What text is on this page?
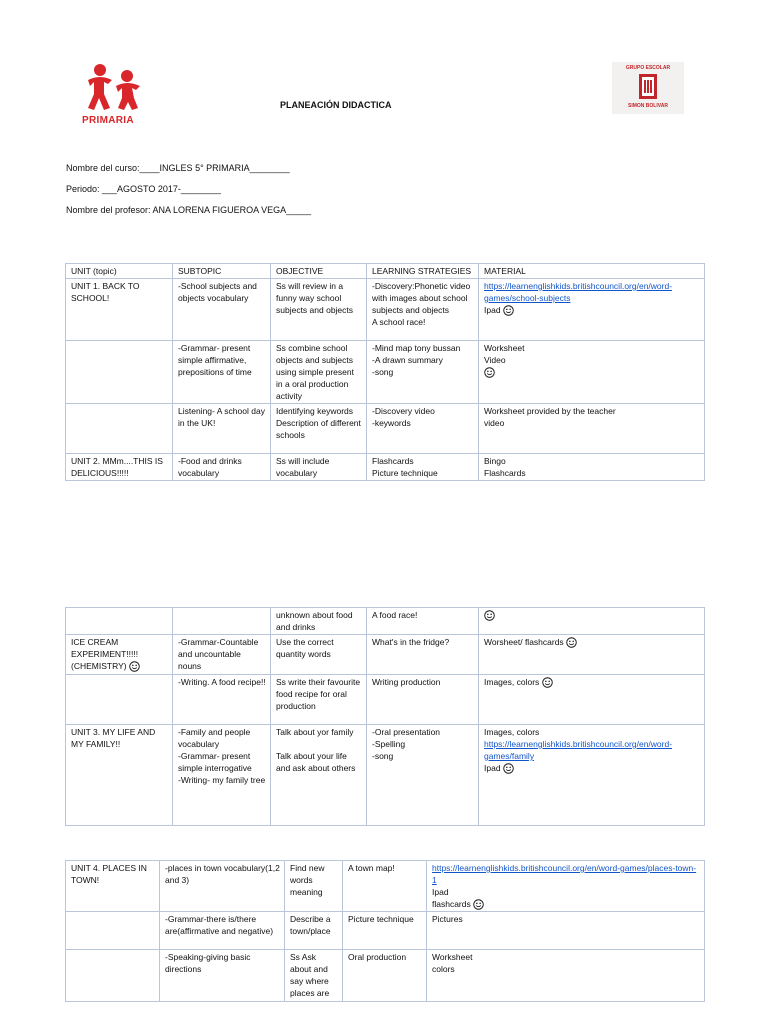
PRIMARIA
GRUPO ESCOLAR
SIMON BOLIVAR
PLANEACIÓN DIDACTICA
Nombre del curso:____INGLES 5° PRIMARIA________
Periodo: ___AGOSTO 2017-________
Nombre del profesor: ANA LORENA FIGUEROA VEGA_____
UNIT (topic)	SUBTOPIC	OBJECTIVE	LEARNING STRATEGIES	MATERIAL
UNIT 1. BACK TO SCHOOL!	-School subjects and objects vocabulary	Ss will review in a funny way school subjects and objects	-Discovery:Phonetic video with images about school subjects and objects
A school race!	https://learnenglishkids.britishcouncil.org/en/word-games/school-subjects
Ipad
	-Grammar- present simple affirmative, prepositions of time	Ss combine school objects and subjects using simple present in a oral production activity	-Mind map tony bussan
-A drawn summary
-song	Worksheet
Video

	Listening- A school day in the UK!	Identifying keywords
Description of different schools	-Discovery video
-keywords	Worksheet provided by the teacher
video
UNIT 2. MMm....THIS IS DELICIOUS!!!!!	-Food and drinks vocabulary	Ss will include vocabulary	Flashcards
Picture technique	Bingo
Flashcards
		unknown about food and drinks	A food race!	
ICE CREAM EXPERIMENT!!!!! (CHEMISTRY)	-Grammar-Countable and uncountable nouns	Use the correct quantity words	What's in the fridge?	Worsheet/ flashcards
	-Writing. A food recipe!!	Ss write their favourite food recipe for oral production	Writing production	Images, colors
UNIT 3. MY LIFE AND MY FAMILY!!	-Family and people vocabulary
-Grammar- present simple interrogative
-Writing- my family tree	Talk about yor family

Talk about your life and ask about others	-Oral presentation
-Spelling
-song	Images, colors
https://learnenglishkids.britishcouncil.org/en/word-games/family
Ipad
UNIT 4. PLACES IN TOWN!	-places in town vocabulary(1,2 and 3)	Find new words meaning	A town map!	https://learnenglishkids.britishcouncil.org/en/word-games/places-town-1
Ipad
flashcards
	-Grammar-there is/there are(affirmative and negative)	Describe a town/place	Picture technique	Pictures
	-Speaking-giving basic directions	Ss Ask about and say where places are	Oral production	Worksheet
colors
